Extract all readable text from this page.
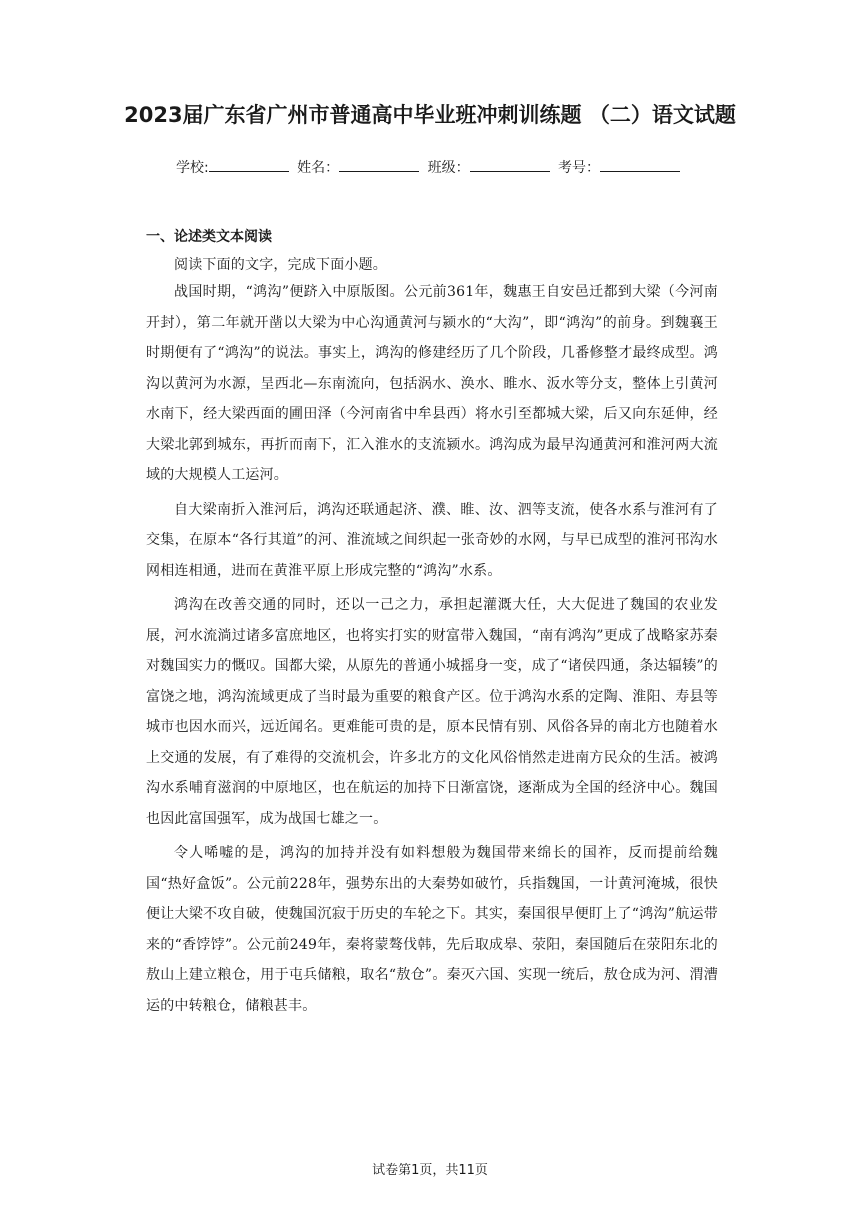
2023届广东省广州市普通高中毕业班冲刺训练题 （二）语文试题
学校:	姓名：	班级：	考号：
一、论述类文本阅读

阅读下面的文字，完成下面小题。

战国时期，“鸿沟”便跻入中原版图。公元前361年，魏惠王自安邑迁都到大梁（今河南开封），第二年就开凿以大梁为中心沟通黄河与颍水的“大沟”，即“鸿沟”的前身。到魏襄王时期便有了“鸿沟”的说法。事实上，鸿沟的修建经历了几个阶段，几番修整才最终成型。鸿沟以黄河为水源，呈西北—东南流向，包括涡水、涣水、睢水、汳水等分支，整体上引黄河水南下，经大梁西面的圃田泽（今河南省中牟县西）将水引至都城大梁，后又向东延伸，经大梁北郭到城东，再折而南下，汇入淮水的支流颍水。鸿沟成为最早沟通黄河和淮河两大流域的大规模人工运河。

自大梁南折入淮河后，鸿沟还联通起济、濮、睢、汝、泗等支流，使各水系与淮河有了交集，在原本“各行其道”的河、淮流域之间织起一张奇妙的水网，与早已成型的淮河邗沟水网相连相通，进而在黄淮平原上形成完整的“鸿沟”水系。

鸿沟在改善交通的同时，还以一己之力，承担起灌溉大任，大大促进了魏国的农业发展，河水流淌过诸多富庶地区，也将实打实的财富带入魏国，“南有鸿沟”更成了战略家苏秦对魏国实力的慨叹。国都大梁，从原先的普通小城摇身一变，成了“诸侯四通，条达辐辏”的富饶之地，鸿沟流域更成了当时最为重要的粮食产区。位于鸿沟水系的定陶、淮阳、寿县等城市也因水而兴，远近闻名。更难能可贵的是，原本民情有别、风俗各异的南北方也随着水上交通的发展，有了难得的交流机会，许多北方的文化风俗悄然走进南方民众的生活。被鸿沟水系哺育滋润的中原地区，也在航运的加持下日渐富饶，逐渐成为全国的经济中心。魏国也因此富国强军，成为战国七雄之一。

令人唏嘘的是，鸿沟的加持并没有如料想般为魏国带来绵长的国祚，反而提前给魏国“热好盒饭”。公元前228年，强势东出的大秦势如破竹，兵指魏国，一计黄河淹城，很快便让大梁不攻自破，使魏国沉寂于历史的车轮之下。其实，秦国很早便盯上了“鸿沟”航运带来的“香饽饽”。公元前249年，秦将蒙骜伐韩，先后取成皋、荥阳，秦国随后在荥阳东北的敖山上建立粮仓，用于屯兵储粮，取名“敖仓”。秦灭六国、实现一统后，敖仓成为河、渭漕运的中转粮仓，储粮甚丰。

试卷第1页，共11页
